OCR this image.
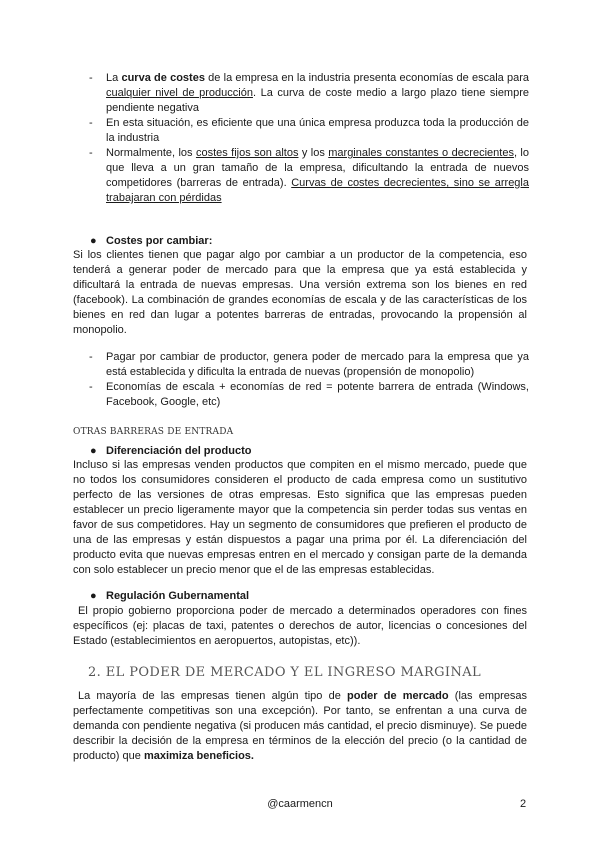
- La curva de costes de la empresa en la industria presenta economías de escala para cualquier nivel de producción. La curva de coste medio a largo plazo tiene siempre pendiente negativa
- En esta situación, es eficiente que una única empresa produzca toda la producción de la industria
- Normalmente, los costes fijos son altos y los marginales constantes o decrecientes, lo que lleva a un gran tamaño de la empresa, dificultando la entrada de nuevos competidores (barreras de entrada). Curvas de costes decrecientes, sino se arregla trabajaran con pérdidas
● Costes por cambiar:

Si los clientes tienen que pagar algo por cambiar a un productor de la competencia, eso tenderá a generar poder de mercado para que la empresa que ya está establecida y dificultará la entrada de nuevas empresas. Una versión extrema son los bienes en red (facebook). La combinación de grandes economías de escala y de las características de los bienes en red dan lugar a potentes barreras de entradas, provocando la propensión al monopolio.

- Pagar por cambiar de productor, genera poder de mercado para la empresa que ya está establecida y dificulta la entrada de nuevas (propensión de monopolio)
- Economías de escala + economías de red = potente barrera de entrada (Windows, Facebook, Google, etc)
OTRAS BARRERAS DE ENTRADA
● Diferenciación del producto

Incluso si las empresas venden productos que compiten en el mismo mercado, puede que no todos los consumidores consideren el producto de cada empresa como un sustitutivo perfecto de las versiones de otras empresas. Esto significa que las empresas pueden establecer un precio ligeramente mayor que la competencia sin perder todas sus ventas en favor de sus competidores. Hay un segmento de consumidores que prefieren el producto de una de las empresas y están dispuestos a pagar una prima por él. La diferenciación del producto evita que nuevas empresas entren en el mercado y consigan parte de la demanda con solo establecer un precio menor que el de las empresas establecidas.

● Regulación Gubernamental

El propio gobierno proporciona poder de mercado a determinados operadores con fines específicos (ej: placas de taxi, patentes o derechos de autor, licencias o concesiones del Estado (establecimientos en aeropuertos, autopistas, etc)).

2. EL PODER DE MERCADO Y EL INGRESO MARGINAL

La mayoría de las empresas tienen algún tipo de poder de mercado (las empresas perfectamente competitivas son una excepción). Por tanto, se enfrentan a una curva de demanda con pendiente negativa (si producen más cantidad, el precio disminuye). Se puede describir la decisión de la empresa en términos de la elección del precio (o la cantidad de producto) que maximiza beneficios.

@caarmencn	2
